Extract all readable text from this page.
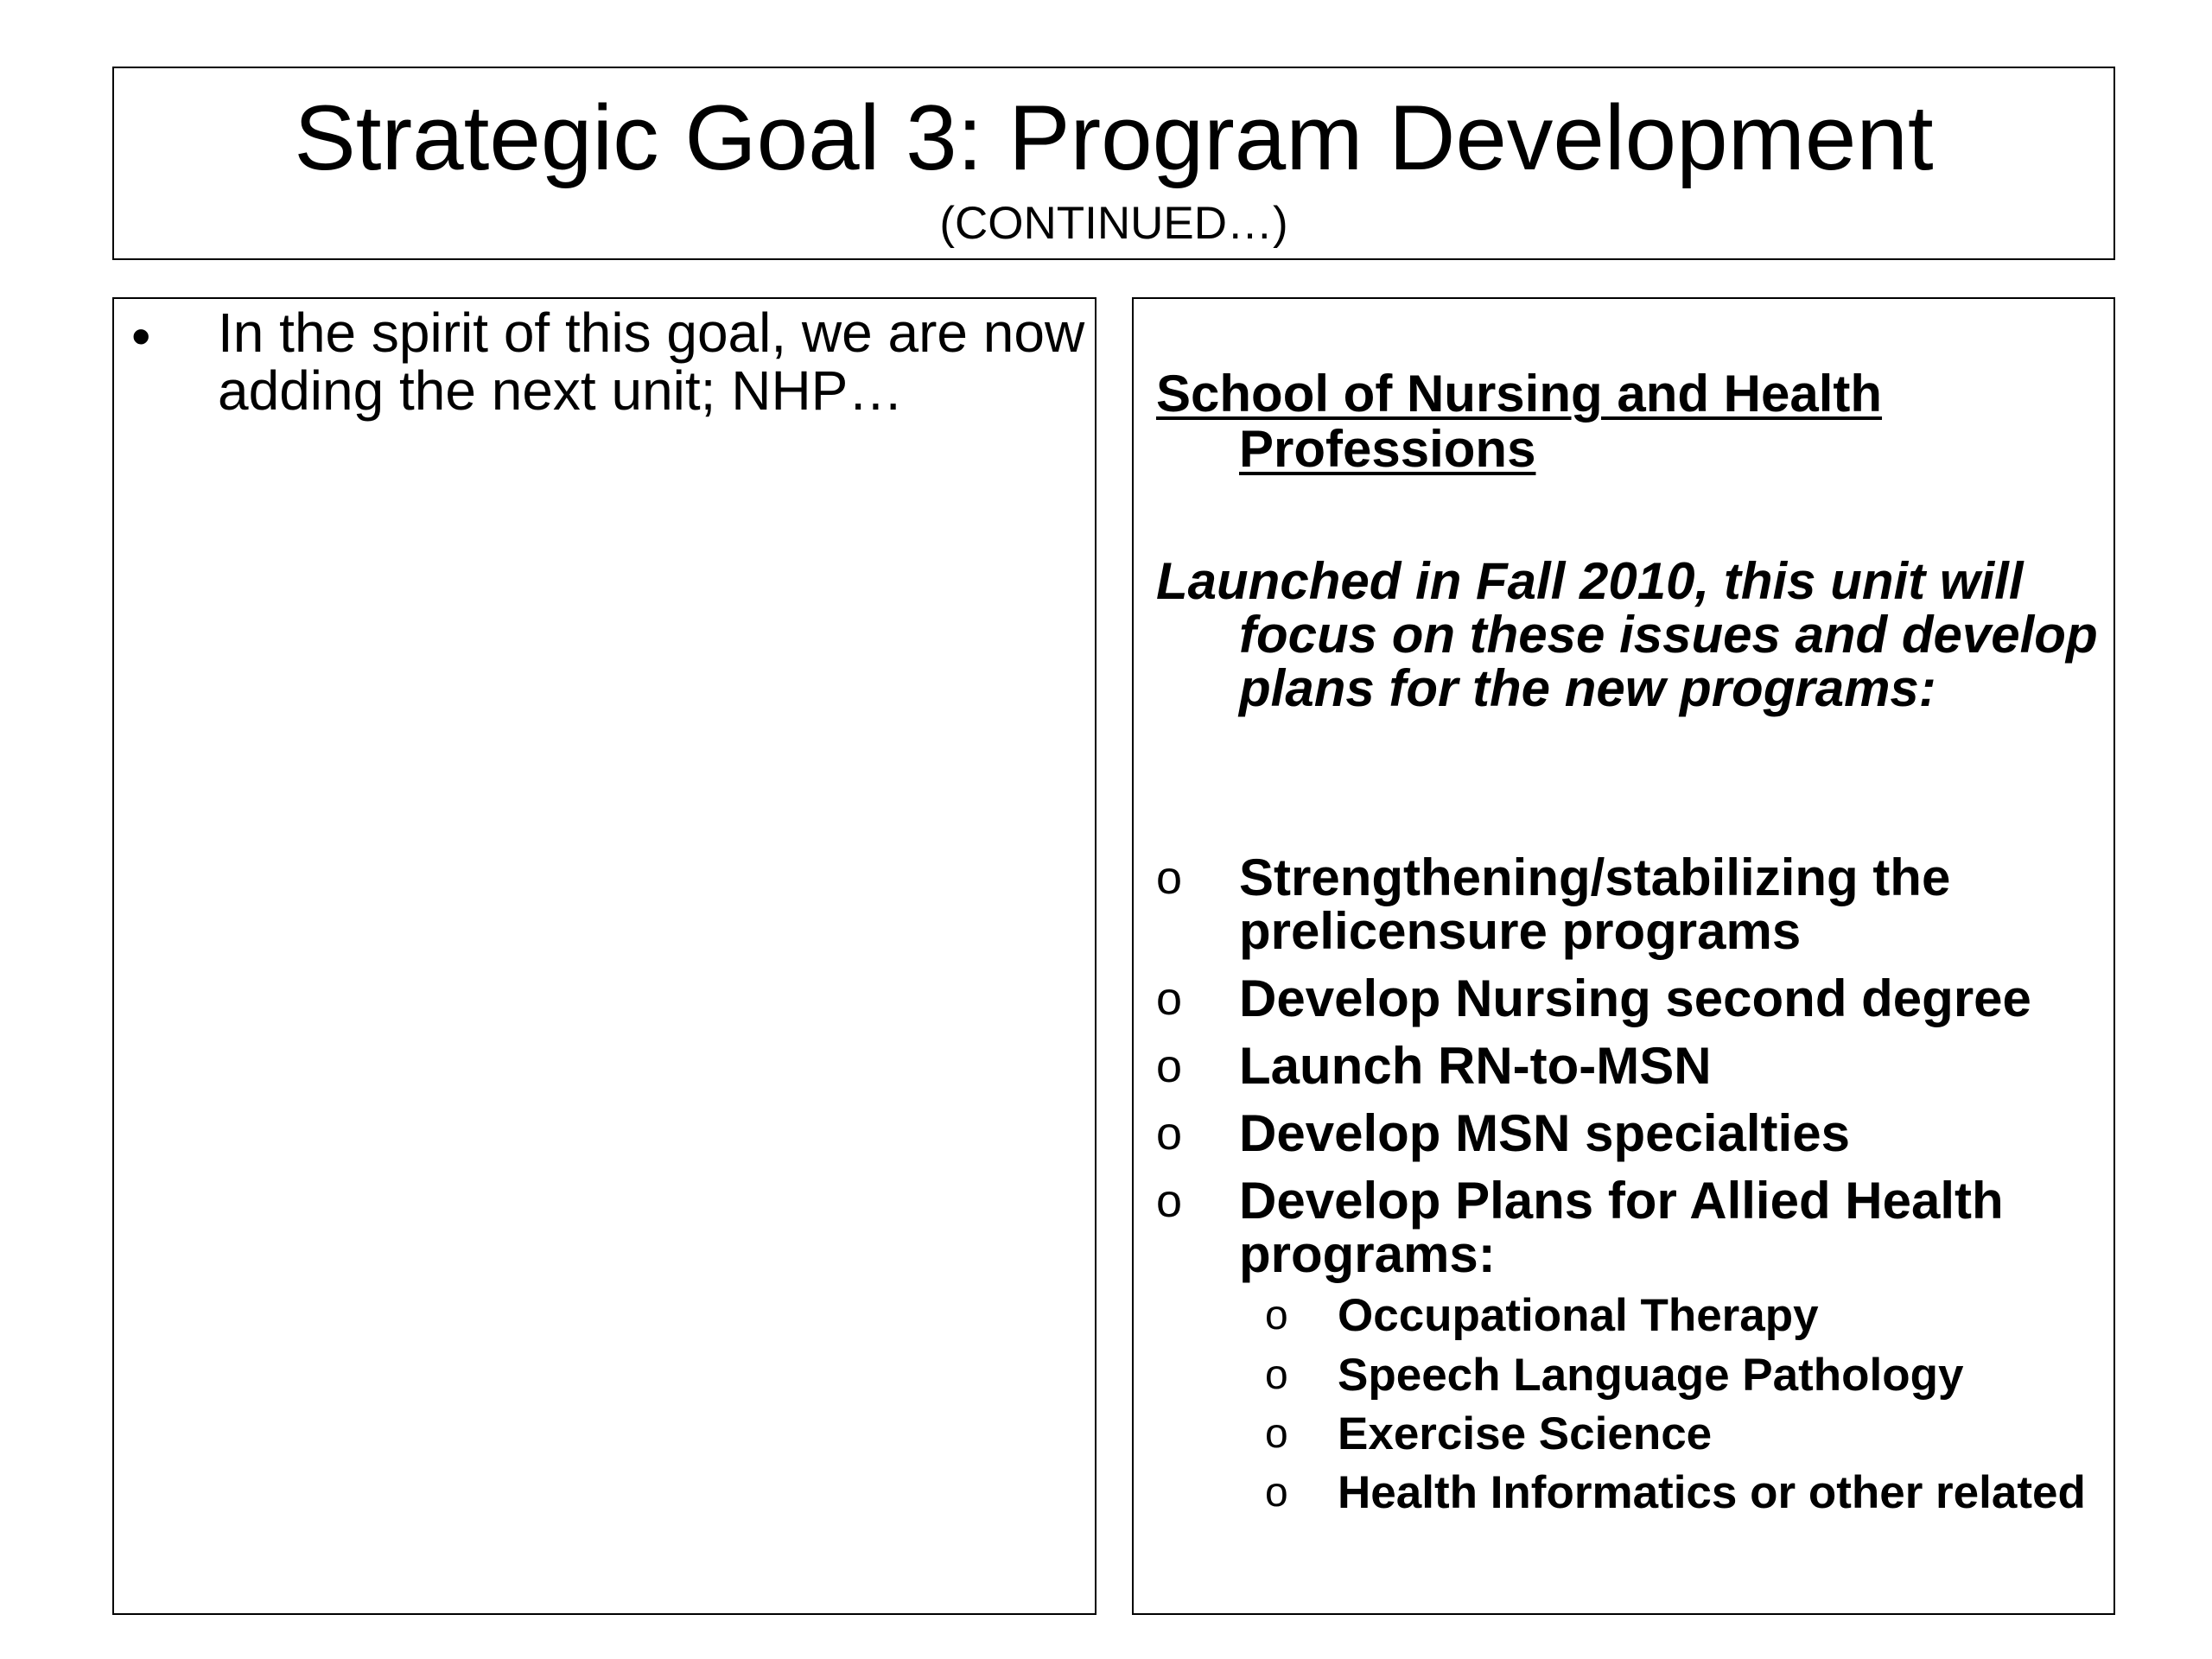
Strategic Goal 3: Program Development
(CONTINUED…)
• In the spirit of this goal, we are now adding the next unit; NHP…	School of Nursing and Health Professions
Launched in Fall 2010, this unit will focus on these issues and develop plans for the new programs:
o Strengthening/stabilizing the prelicensure programs
o Develop Nursing second degree
o Launch RN-to-MSN
o Develop MSN specialties
o Develop Plans for Allied Health programs:
o Occupational Therapy
o Speech Language Pathology
o Exercise Science
o Health Informatics or other related
